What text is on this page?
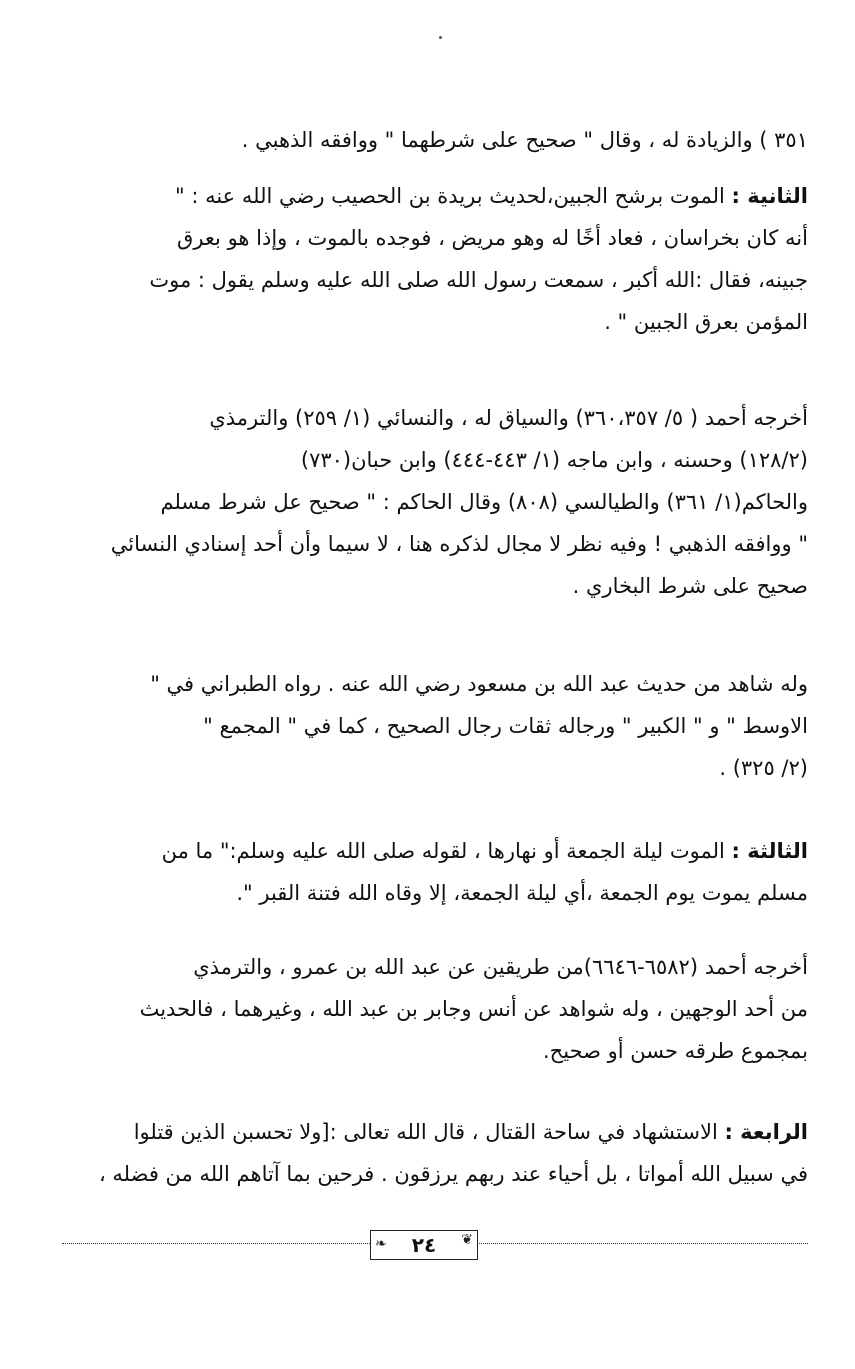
٣٥١ ) والزيادة له ، وقال " صحيح على شرطهما " ووافقه الذهبي .
الثانية : الموت برشح الجبين،لحديث بريدة بن الحصيب رضي الله عنه : "
أنه كان بخراسان ، فعاد أخًا له وهو مريض ، فوجده بالموت ، وإذا هو بعرق
جبينه، فقال :الله أكبر ، سمعت رسول الله صلى الله عليه وسلم يقول : موت
المؤمن بعرق الجبين " .
أخرجه أحمد ( ٥/ ٣٦٠،٣٥٧) والسياق له ، والنسائي (١/ ٢٥٩) والترمذي
(١٢٨/٢) وحسنه ، وابن ماجه (١/ ٤٤٣-٤٤٤) وابن حبان(٧٣٠)
والحاكم(١/ ٣٦١) والطيالسي (٨٠٨) وقال الحاكم : " صحيح عل شرط مسلم
" ووافقه الذهبي ! وفيه نظر لا مجال لذكره هنا ، لا سيما وأن أحد إسنادي النسائي
صحيح على شرط البخاري .
وله شاهد من حديث عبد الله بن مسعود رضي الله عنه . رواه الطبراني في "
الاوسط " و " الكبير " ورجاله ثقات رجال الصحيح ، كما في " المجمع "
(٢/ ٣٢٥) .
الثالثة : الموت ليلة الجمعة أو نهارها ، لقوله صلى الله عليه وسلم:" ما من
مسلم يموت يوم الجمعة ،أي ليلة الجمعة، إلا وقاه الله فتنة القبر ".
أخرجه أحمد (٦٥٨٢-٦٦٤٦)من طريقين عن عبد الله بن عمرو ، والترمذي
من أحد الوجهين ، وله شواهد عن أنس وجابر بن عبد الله ، وغيرهما ، فالحديث
بمجموع طرقه حسن أو صحيح.
الرابعة : الاستشهاد في ساحة القتال ، قال الله تعالى :[ولا تحسبن الذين قتلوا
في سبيل الله أمواتا ، بل أحياء عند ربهم يرزقون . فرحين بما آتاهم الله من فضله ،
❦
٢٤
❧
